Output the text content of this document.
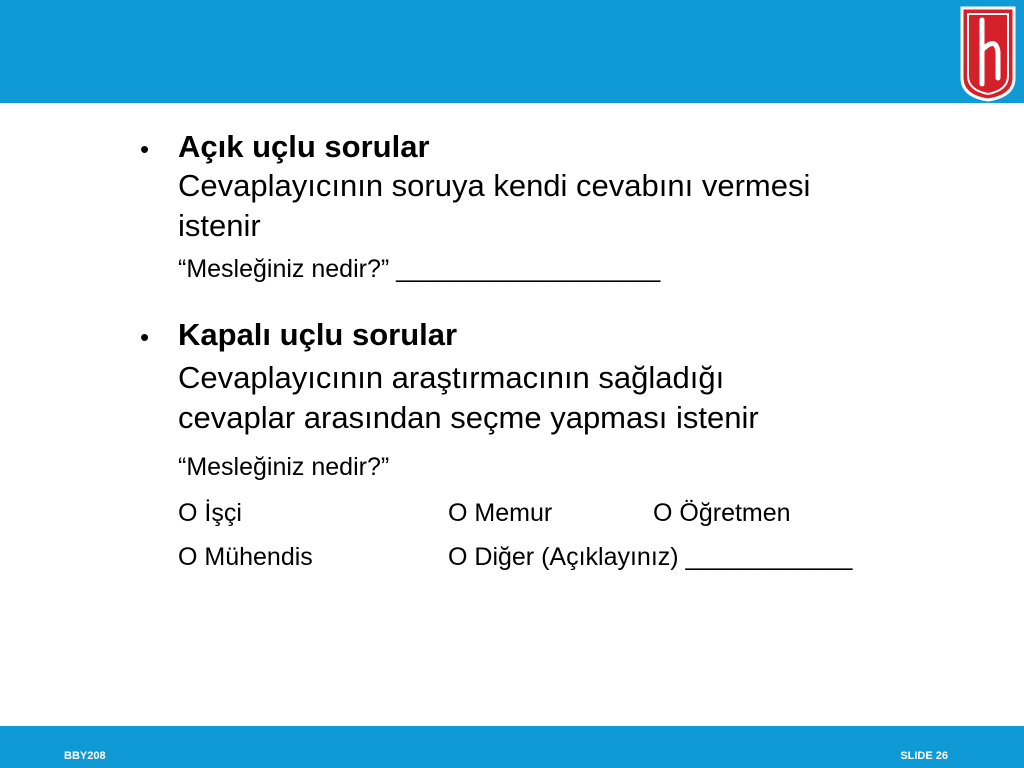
• Açık uçlu sorular
Cevaplayıcının soruya kendi cevabını vermesi
istenir
“Mesleğiniz nedir?” ___________________
• Kapalı uçlu sorular
Cevaplayıcının araştırmacının sağladığı
cevaplar arasından seçme yapması istenir
“Mesleğiniz nedir?”
O İşçi	O Memur	O Öğretmen
O Mühendis	O Diğer (Açıklayınız) ____________
BBY208	SLIDE 26
